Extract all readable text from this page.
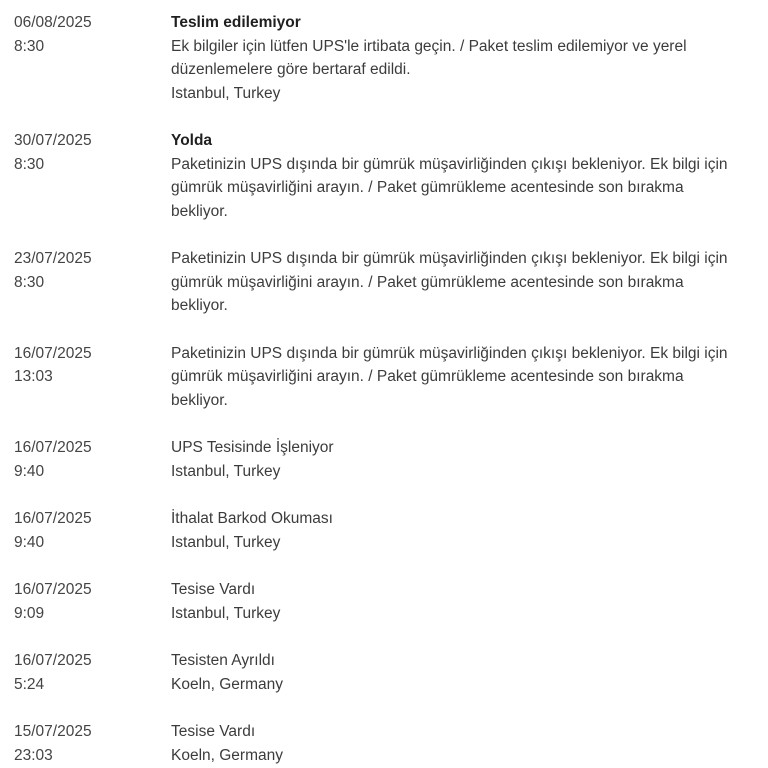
06/08/2025
8:30
Teslim edilemiyor
Ek bilgiler için lütfen UPS'le irtibata geçin. / Paket teslim edilemiyor ve yerel düzenlemelere göre bertaraf edildi.
Istanbul, Turkey
30/07/2025
8:30
Yolda
Paketinizin UPS dışında bir gümrük müşavirliğinden çıkışı bekleniyor. Ek bilgi için gümrük müşavirliğini arayın. / Paket gümrükleme acentesinde son bırakma bekliyor.
23/07/2025
8:30
Paketinizin UPS dışında bir gümrük müşavirliğinden çıkışı bekleniyor. Ek bilgi için gümrük müşavirliğini arayın. / Paket gümrükleme acentesinde son bırakma bekliyor.
16/07/2025
13:03
Paketinizin UPS dışında bir gümrük müşavirliğinden çıkışı bekleniyor. Ek bilgi için gümrük müşavirliğini arayın. / Paket gümrükleme acentesinde son bırakma bekliyor.
16/07/2025
9:40
UPS Tesisinde İşleniyor
Istanbul, Turkey
16/07/2025
9:40
İthalat Barkod Okuması
Istanbul, Turkey
16/07/2025
9:09
Tesise Vardı
Istanbul, Turkey
16/07/2025
5:24
Tesisten Ayrıldı
Koeln, Germany
15/07/2025
23:03
Tesise Vardı
Koeln, Germany
